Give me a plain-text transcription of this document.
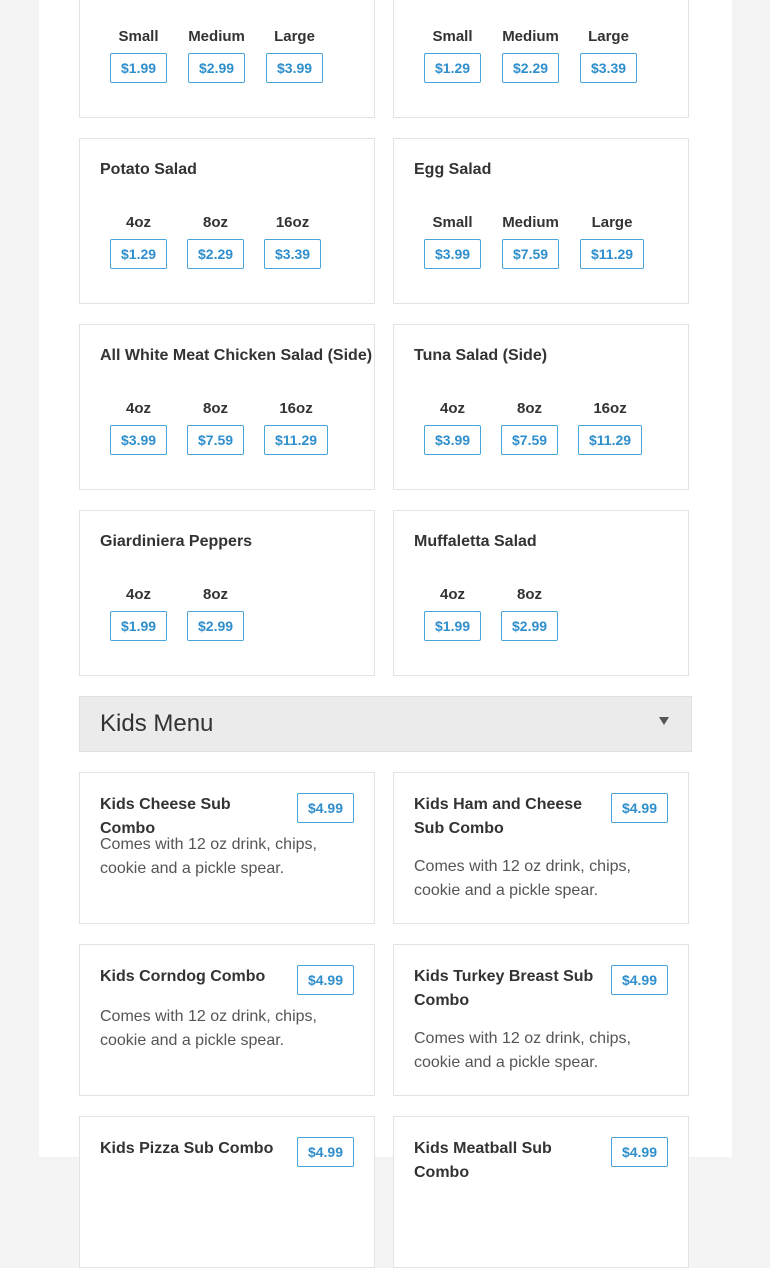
Small
$1.99
Medium
$2.99
Large
$3.99
Small
$1.29
Medium
$2.29
Large
$3.39
Potato Salad
4oz
$1.29
8oz
$2.29
16oz
$3.39
Egg Salad
Small
$3.99
Medium
$7.59
Large
$11.29
All White Meat Chicken Salad (Side)
4oz
$3.99
8oz
$7.59
16oz
$11.29
Tuna Salad (Side)
4oz
$3.99
8oz
$7.59
16oz
$11.29
Giardiniera Peppers
4oz
$1.99
8oz
$2.99
Muffaletta Salad
4oz
$1.99
8oz
$2.99
Kids Menu
Kids Cheese Sub Combo
$4.99
Comes with 12 oz drink, chips, cookie and a pickle spear.
Kids Ham and Cheese Sub Combo
$4.99
Comes with 12 oz drink, chips, cookie and a pickle spear.
Kids Corndog Combo	$4.99
Comes with 12 oz drink, chips, cookie and a pickle spear.
Kids Turkey Breast Sub Combo
$4.99
Comes with 12 oz drink, chips, cookie and a pickle spear.
Kids Pizza Sub Combo	$4.99	Kids Meatball Sub Combo
$4.99
